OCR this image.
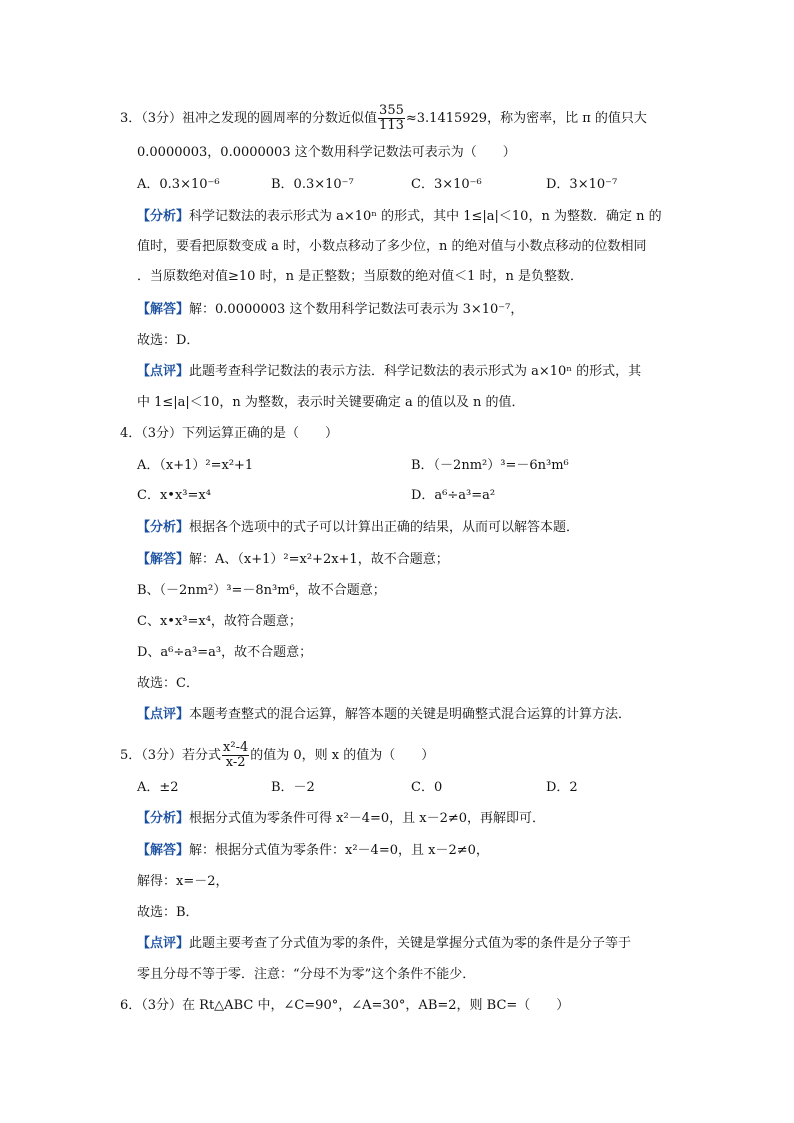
3．（3分）祖冲之发现的圆周率的分数近似值 $\frac{355}{113} \approx 3.1415929$，称为密率，比 π 的值只大
0.0000003，0.0000003 这个数用科学记数法可表示为（　　）
A．0.3×10⁻⁶	B．0.3×10⁻⁷	C．3×10⁻⁶	D．3×10⁻⁷
【分析】科学记数法的表示形式为 a×10ⁿ 的形式，其中 1≤|a|＜10，n 为整数．确定 n 的
值时，要看把原数变成 a 时，小数点移动了多少位，n 的绝对值与小数点移动的位数相同
．当原数绝对值≥10 时，n 是正整数；当原数的绝对值＜1 时，n 是负整数．
【解答】解：0.0000003 这个数用科学记数法可表示为 3×10⁻⁷，
故选：D．
【点评】此题考查科学记数法的表示方法．科学记数法的表示形式为 a×10ⁿ 的形式，其
中 1≤|a|＜10，n 为整数，表示时关键要确定 a 的值以及 n 的值．
4．（3分）下列运算正确的是（　　）
A．（x+1）²=x²+1	B．（－2nm²）³=－6n³m⁶
C．x•x³=x⁴	D．a⁶÷a³=a²
【分析】根据各个选项中的式子可以计算出正确的结果，从而可以解答本题．
【解答】解：A、（x+1）²=x²+2x+1，故不合题意；
B、（－2nm²）³=－8n³m⁶，故不合题意；
C、x•x³=x⁴，故符合题意；
D、a⁶÷a³=a³，故不合题意；
故选：C．
【点评】本题考查整式的混合运算，解答本题的关键是明确整式混合运算的计算方法．
5．（3分）若分式 $\frac{\text{x²-4}}{x-2}$ 的值为 0，则 x 的值为（　　）
A．±2	B．－2	C．0	D．2
【分析】根据分式值为零条件可得 x²－4=0，且 x－2≠0，再解即可．
【解答】解：根据分式值为零条件：x²－4=0，且 x－2≠0，
解得：x=－2，
故选：B．
【点评】此题主要考查了分式值为零的条件，关键是掌握分式值为零的条件是分子等于
零且分母不等于零．注意：“分母不为零”这个条件不能少．
6．（3分）在 Rt△ABC 中，∠C=90°，∠A=30°，AB=2，则 BC=（　　）
